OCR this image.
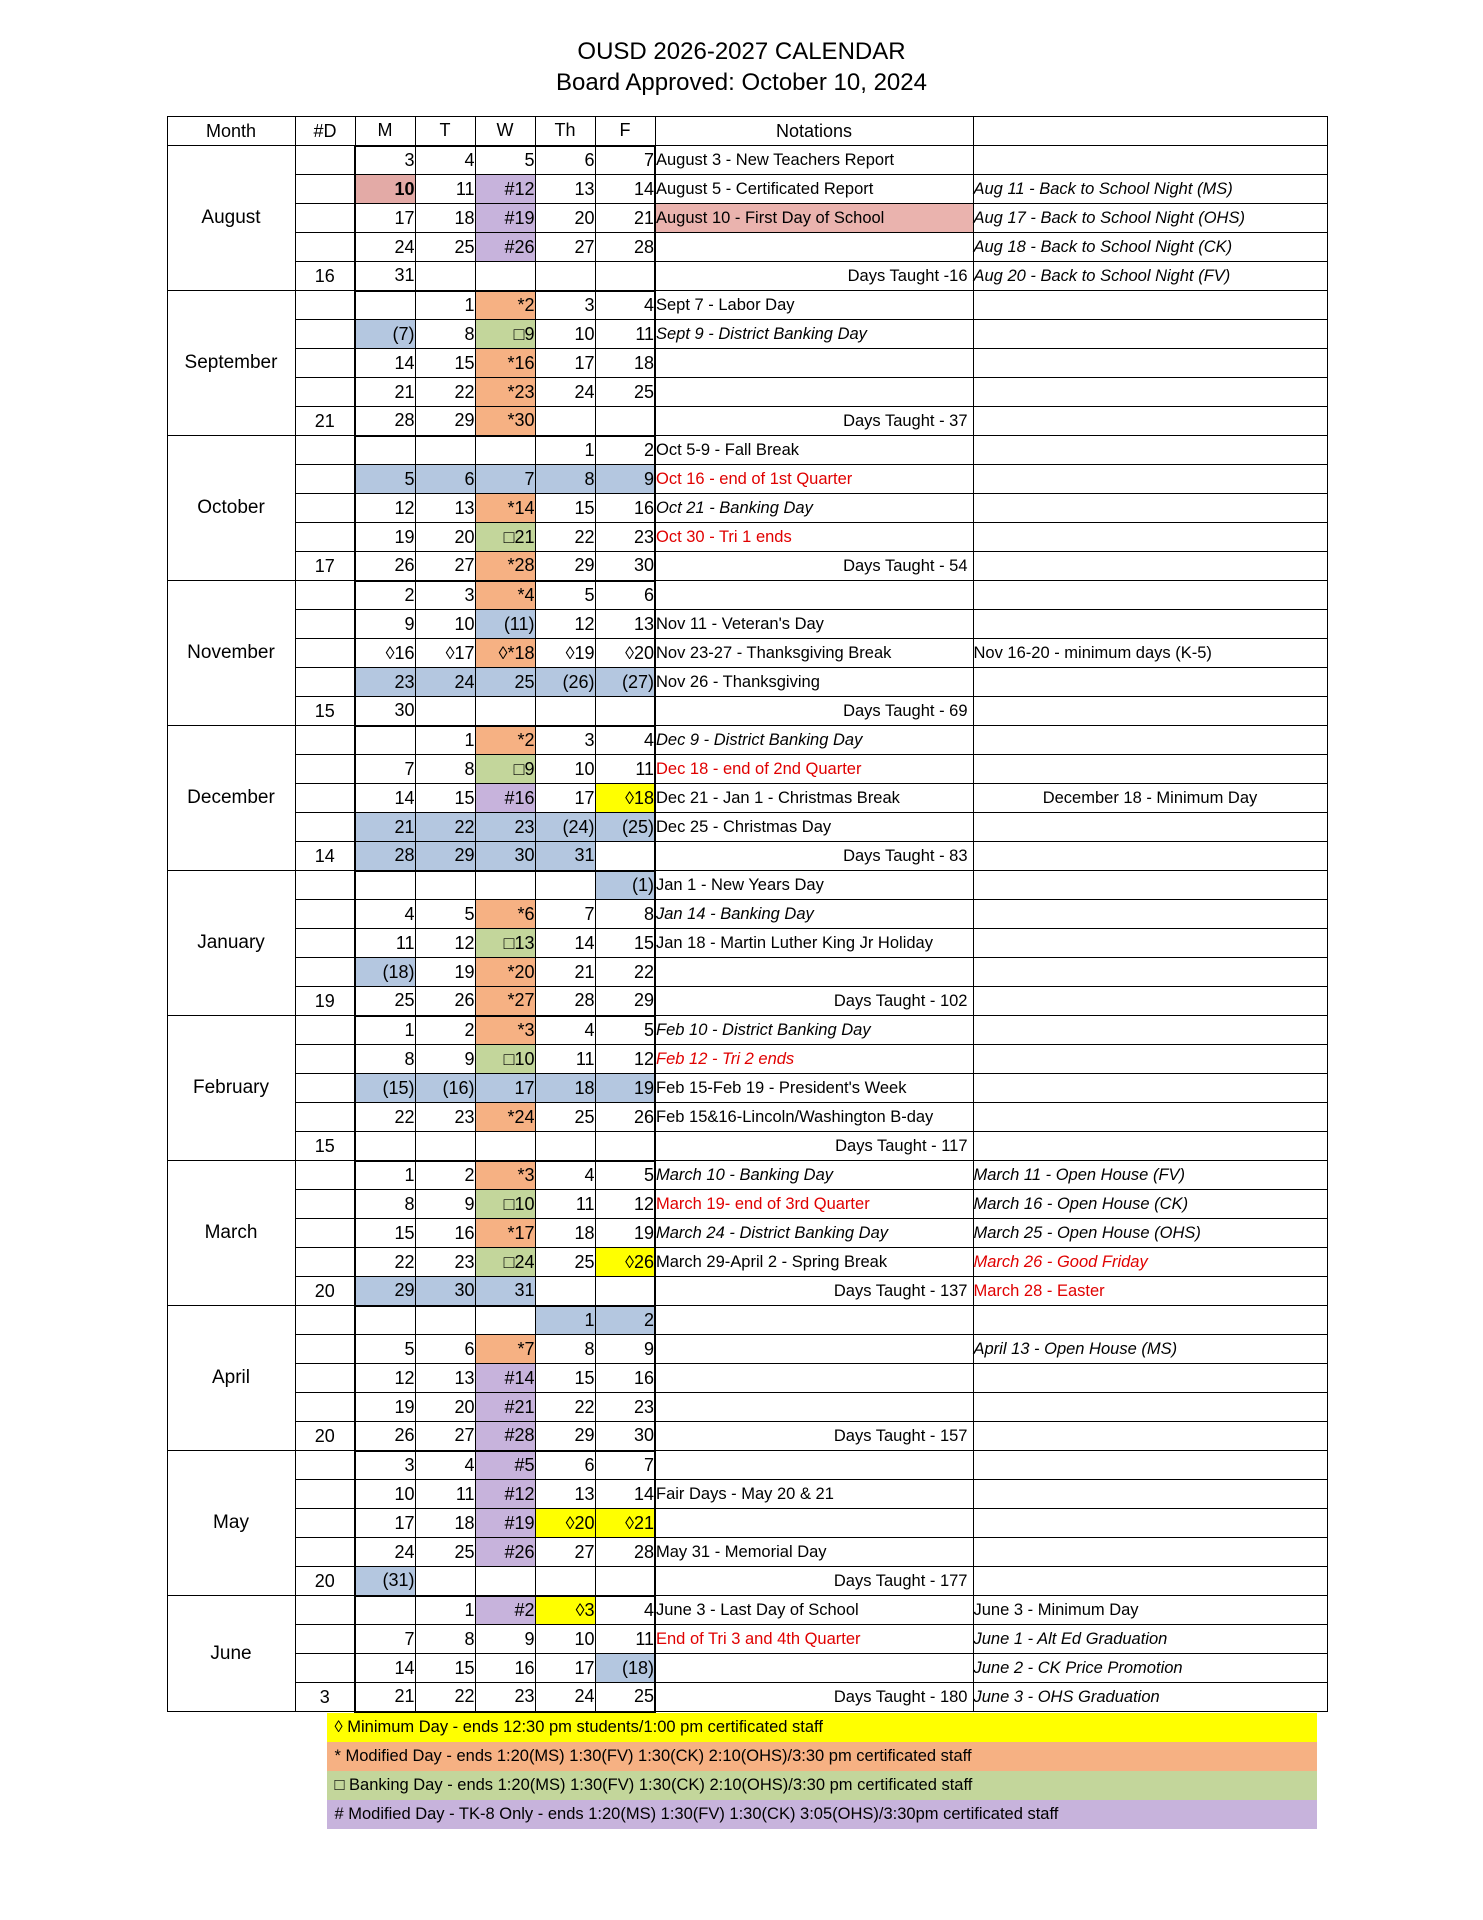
OUSD 2026-2027 CALENDAR
Board Approved: October 10, 2024
Month	#D	M	T	W	Th	F	Notations	
August		3	4	5	6	7	August 3 - New Teachers Report	
		10	11	#12	13	14	August 5 - Certificated Report	Aug 11 - Back to School Night (MS)
		17	18	#19	20	21	August 10 - First Day of School	Aug 17 - Back to School Night (OHS)
		24	25	#26	27	28		Aug 18 - Back to School Night (CK)
	16	31					Days Taught -16	Aug 20 - Back to School Night (FV)
September			1	*2	3	4	Sept 7 - Labor Day	
		(7)	8	□9	10	11	Sept 9 - District Banking Day	
		14	15	*16	17	18		
		21	22	*23	24	25		
	21	28	29	*30			Days Taught - 37	
October					1	2	Oct 5-9 - Fall Break	
		5	6	7	8	9	Oct 16 - end of 1st Quarter	
		12	13	*14	15	16	Oct 21 - Banking Day	
		19	20	□21	22	23	Oct 30 - Tri 1 ends	
	17	26	27	*28	29	30	Days Taught - 54	
November		2	3	*4	5	6		
		9	10	(11)	12	13	Nov 11 - Veteran's Day	
		◊16	◊17	◊*18	◊19	◊20	Nov 23-27 - Thanksgiving Break	Nov 16-20 - minimum days (K-5)
		23	24	25	(26)	(27)	Nov 26 - Thanksgiving	
	15	30					Days Taught - 69	
December			1	*2	3	4	Dec 9 - District Banking Day	
		7	8	□9	10	11	Dec 18 - end of 2nd Quarter	
		14	15	#16	17	◊18	Dec 21 - Jan 1 - Christmas Break	December 18 - Minimum Day
		21	22	23	(24)	(25)	Dec 25 - Christmas Day	
	14	28	29	30	31		Days Taught - 83	
January						(1)	Jan 1 - New Years Day	
		4	5	*6	7	8	Jan 14 - Banking Day	
		11	12	□13	14	15	Jan 18 - Martin Luther King Jr Holiday	
		(18)	19	*20	21	22		
	19	25	26	*27	28	29	Days Taught - 102	
February		1	2	*3	4	5	Feb 10 - District Banking Day	
		8	9	□10	11	12	Feb 12 - Tri 2 ends	
		(15)	(16)	17	18	19	Feb 15-Feb 19 - President's Week	
		22	23	*24	25	26	Feb 15&16-Lincoln/Washington B-day	
	15						Days Taught - 117	
March		1	2	*3	4	5	March 10 - Banking Day	March 11 - Open House (FV)
		8	9	□10	11	12	March 19- end of 3rd Quarter	March 16 - Open House (CK)
		15	16	*17	18	19	March 24 - District Banking Day	March 25 - Open House (OHS)
		22	23	□24	25	◊26	March 29-April 2 - Spring Break	March 26 - Good Friday
	20	29	30	31			Days Taught - 137	March 28 - Easter
April					1	2		
		5	6	*7	8	9		April 13 - Open House (MS)
		12	13	#14	15	16		
		19	20	#21	22	23		
	20	26	27	#28	29	30	Days Taught - 157	
May		3	4	#5	6	7		
		10	11	#12	13	14	Fair Days - May 20 & 21	
		17	18	#19	◊20	◊21		
		24	25	#26	27	28	May 31 - Memorial Day	
	20	(31)					Days Taught - 177	
June			1	#2	◊3	4	June 3 - Last Day of School	June 3 - Minimum Day
		7	8	9	10	11	End of Tri 3 and 4th Quarter	June 1 - Alt Ed Graduation
		14	15	16	17	(18)		June 2 - CK Price Promotion
	3	21	22	23	24	25	Days Taught - 180	June 3 - OHS Graduation
◊ Minimum Day - ends 12:30 pm students/1:00 pm certificated staff
* Modified Day - ends 1:20(MS) 1:30(FV) 1:30(CK) 2:10(OHS)/3:30 pm certificated staff
□ Banking Day - ends 1:20(MS) 1:30(FV) 1:30(CK) 2:10(OHS)/3:30 pm certificated staff
# Modified Day - TK-8 Only - ends 1:20(MS) 1:30(FV) 1:30(CK) 3:05(OHS)/3:30pm certificated staff
